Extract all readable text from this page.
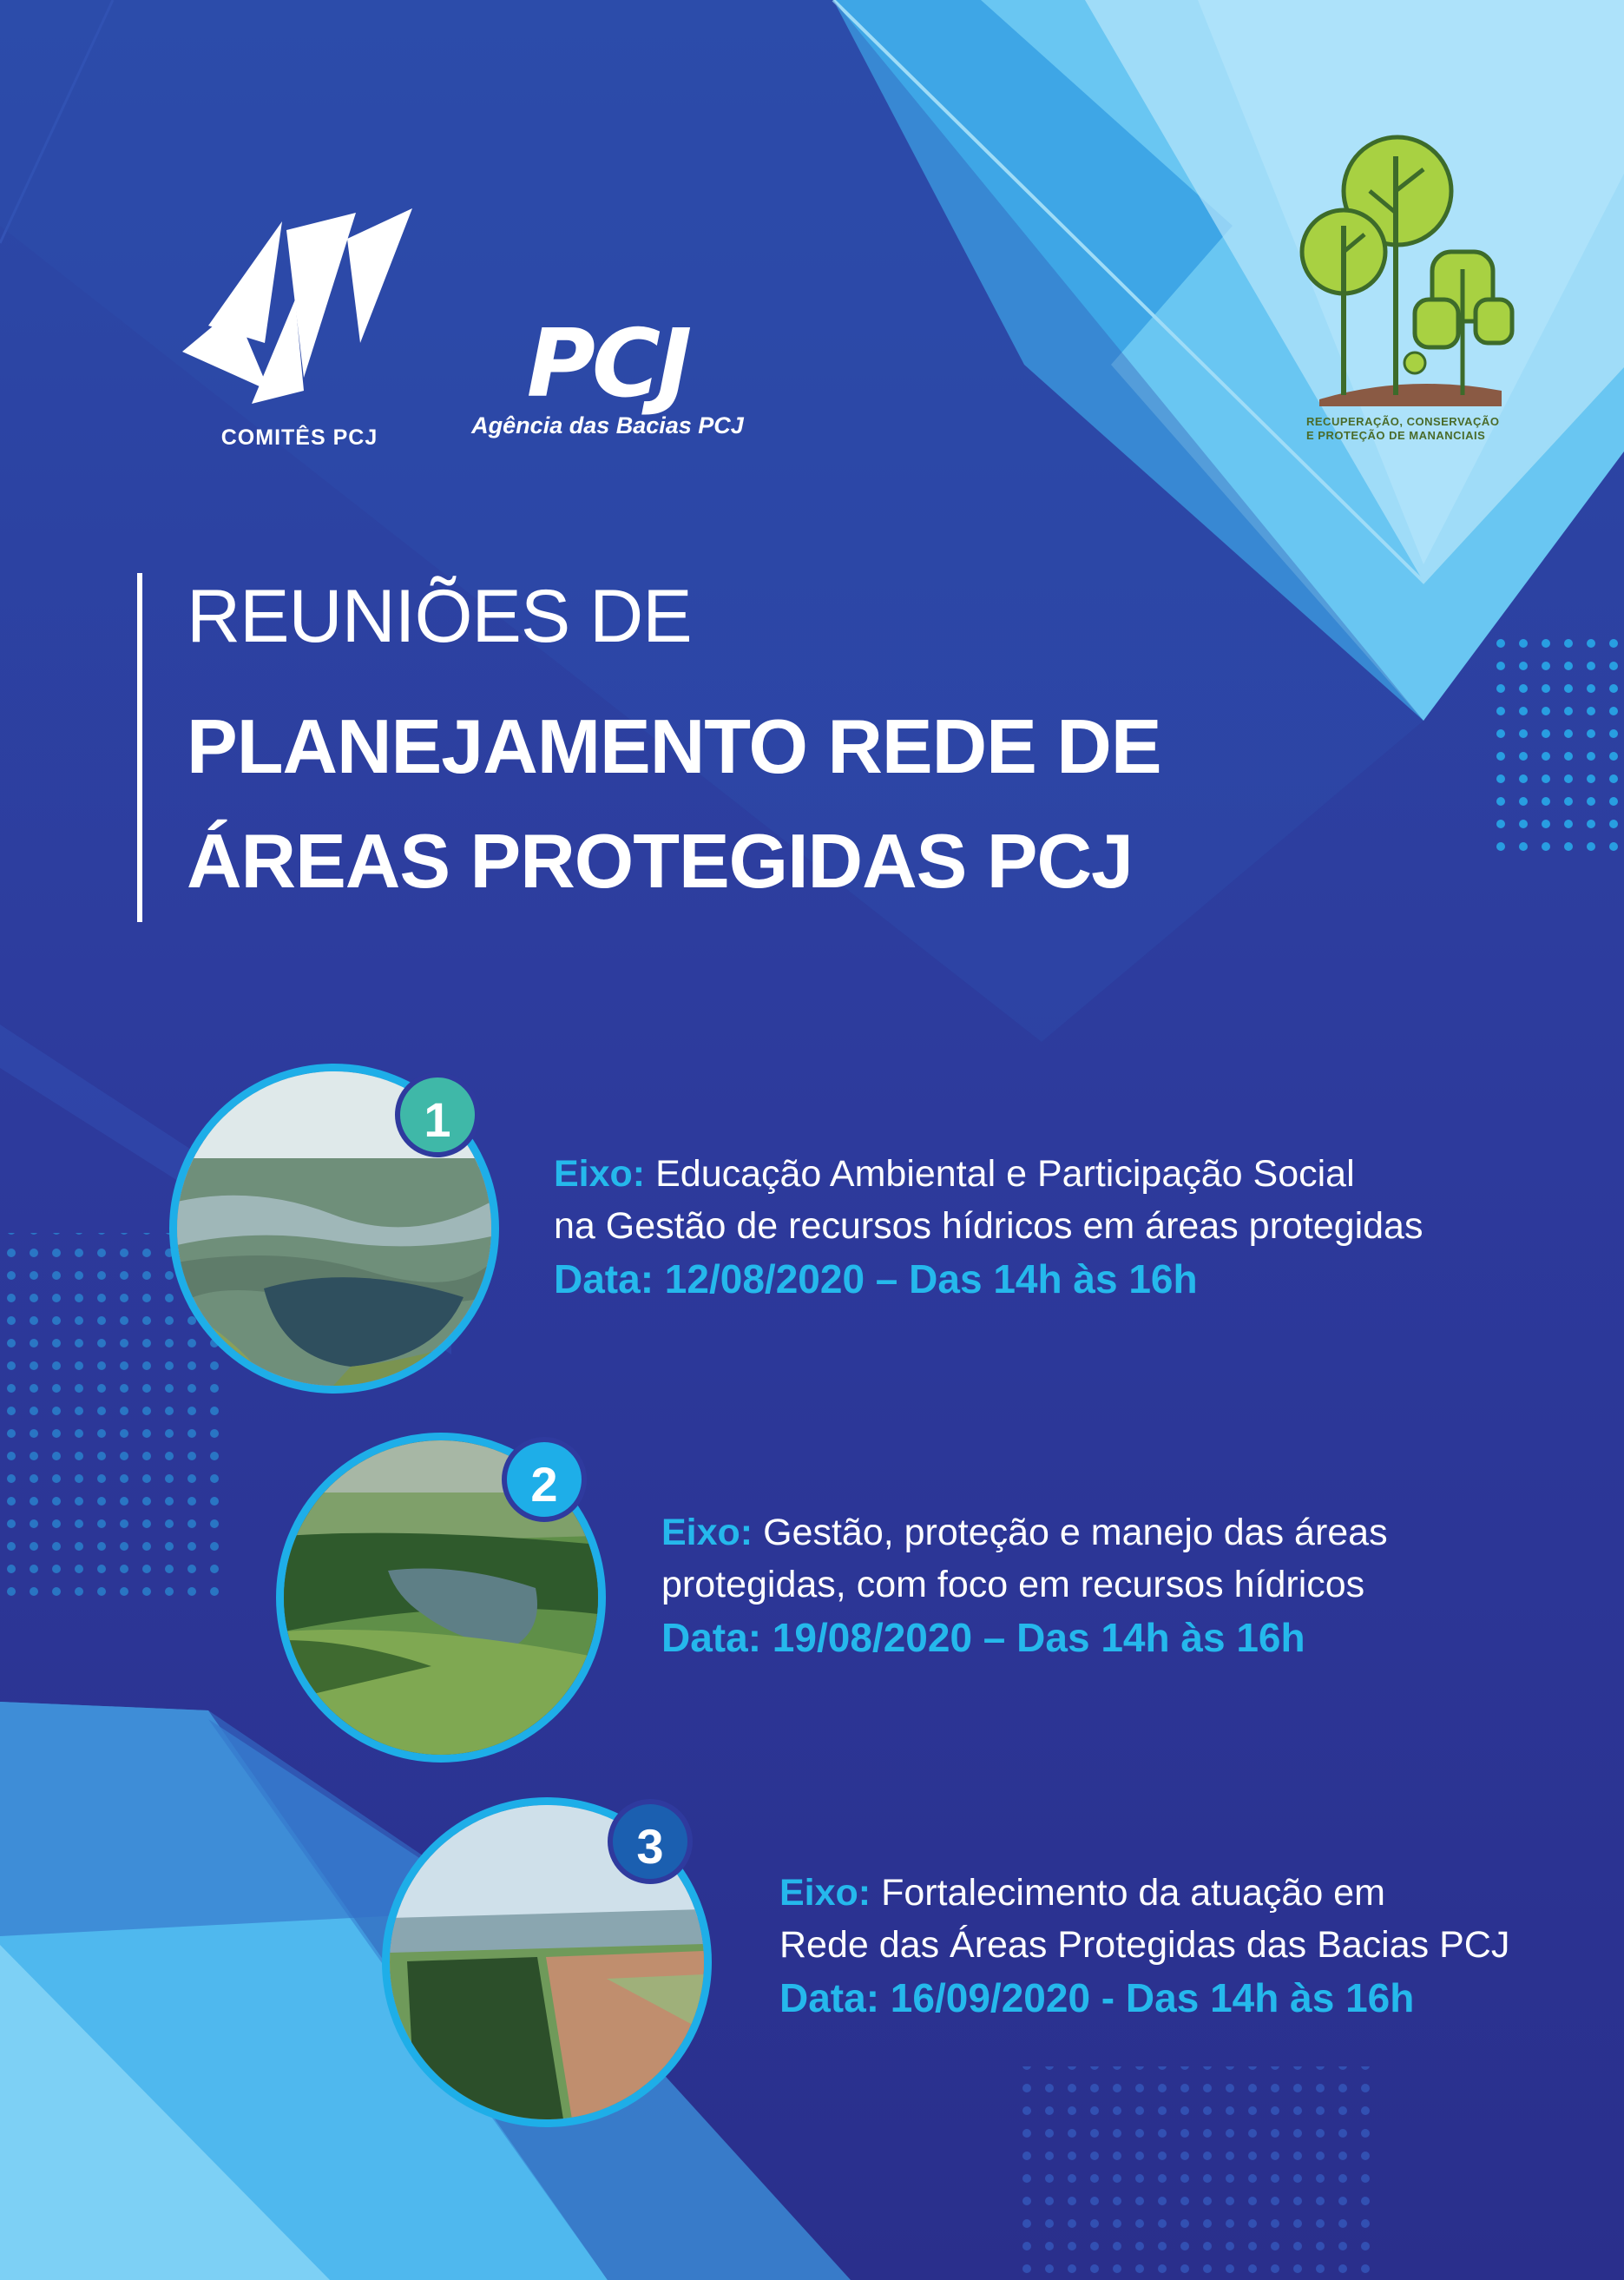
COMITÊS PCJ
PCJ
Agência das Bacias PCJ	RECUPERAÇÃO, CONSERVAÇÃO
E PROTEÇÃO DE MANANCIAIS
REUNIÕES DE
PLANEJAMENTO REDE DE
ÁREAS PROTEGIDAS PCJ
1
Eixo: Educação Ambiental e Participação Social
na Gestão de recursos hídricos em áreas protegidas
Data: 12/08/2020 – Das 14h às 16h
2
Eixo: Gestão, proteção e manejo das áreas
protegidas, com foco em recursos hídricos
Data: 19/08/2020 – Das 14h às 16h
3
Eixo: Fortalecimento da atuação em
Rede das Áreas Protegidas das Bacias PCJ
Data: 16/09/2020 - Das 14h às 16h
